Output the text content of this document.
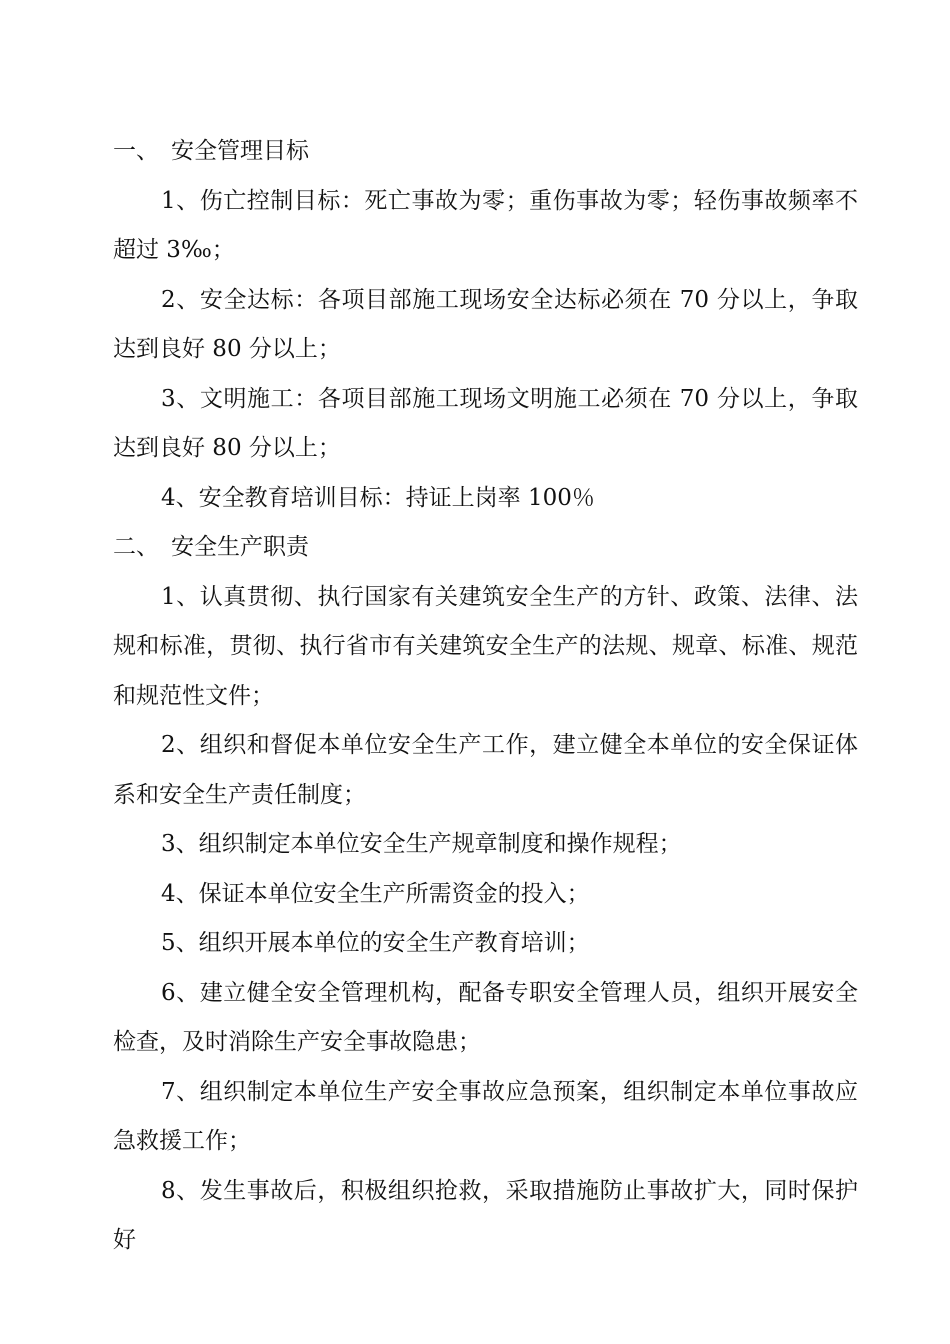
一、 安全管理目标

1、伤亡控制目标：死亡事故为零；重伤事故为零；轻伤事故频率不超过 3‰；

2、安全达标：各项目部施工现场安全达标必须在 70 分以上，争取达到良好 80 分以上；

3、文明施工：各项目部施工现场文明施工必须在 70 分以上，争取达到良好 80 分以上；

4、安全教育培训目标：持证上岗率 100％

二、 安全生产职责

1、认真贯彻、执行国家有关建筑安全生产的方针、政策、法律、法规和标准，贯彻、执行省市有关建筑安全生产的法规、规章、标准、规范和规范性文件；

2、组织和督促本单位安全生产工作，建立健全本单位的安全保证体系和安全生产责任制度；

3、组织制定本单位安全生产规章制度和操作规程；

4、保证本单位安全生产所需资金的投入；

5、组织开展本单位的安全生产教育培训；

6、建立健全安全管理机构，配备专职安全管理人员，组织开展安全检查，及时消除生产安全事故隐患；

7、组织制定本单位生产安全事故应急预案，组织制定本单位事故应急救援工作；

8、发生事故后，积极组织抢救，采取措施防止事故扩大，同时保护好
